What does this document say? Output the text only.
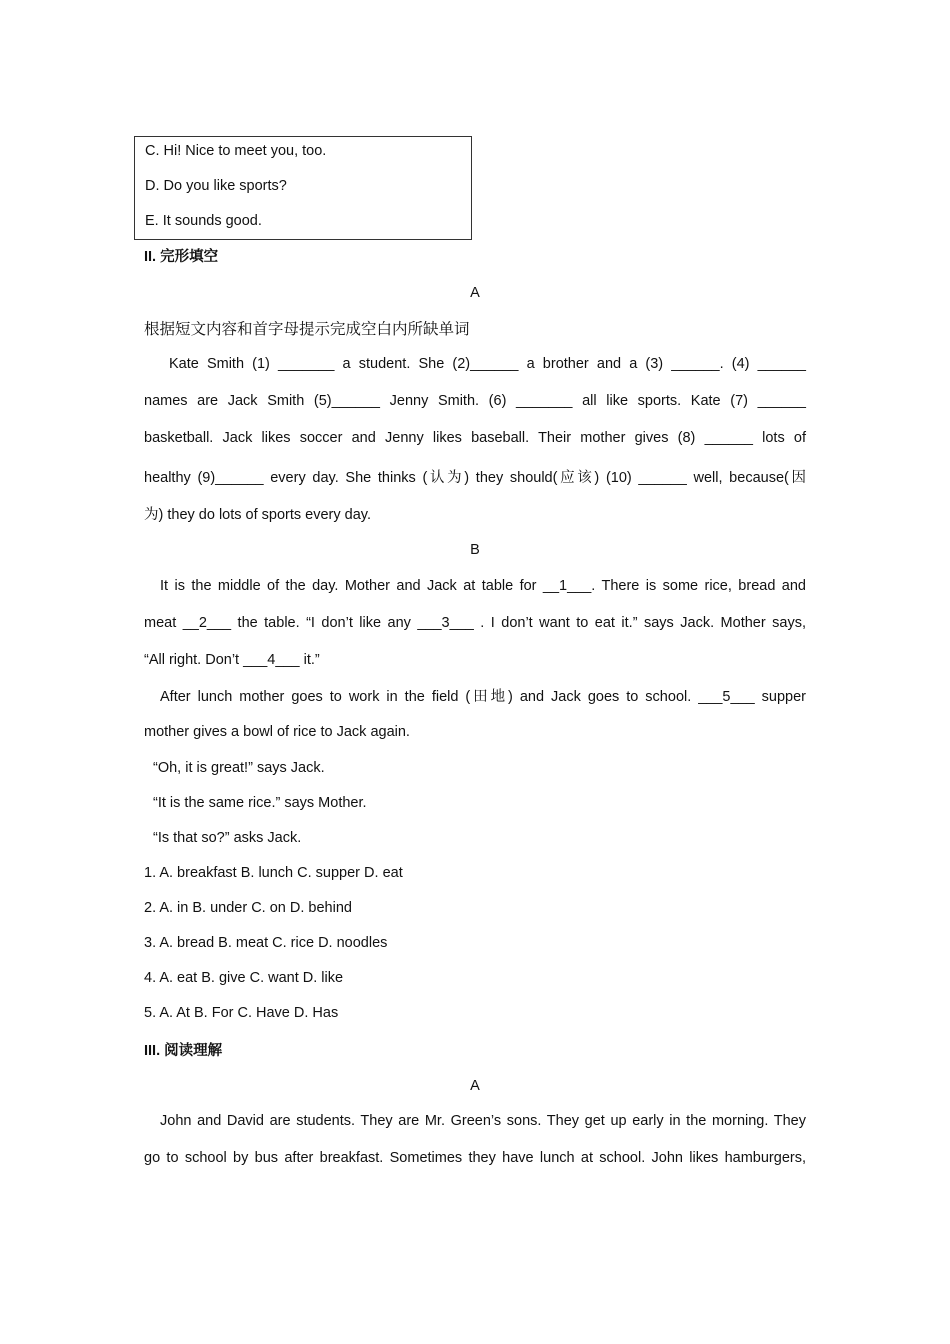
C. Hi! Nice to meet you, too.
D. Do you like sports?
E. It sounds good.
II. 完形填空
A
根据短文内容和首字母提示完成空白内所缺单词
Kate Smith (1) _______ a student. She (2)______ a brother and a (3) ______. (4) ______
names are Jack Smith (5)______ Jenny Smith. (6) _______ all like sports. Kate (7) ______
basketball. Jack likes soccer and Jenny likes baseball. Their mother gives (8) ______ lots of
healthy (9)______ every day. She thinks (认为) they should(应该) (10) ______ well, because(因
为) they do lots of sports every day.
B
It is the middle of the day. Mother and Jack at table for __1___. There is some rice, bread and
meat __2___ the table. “I don’t like any ___3___ . I don’t want to eat it.” says Jack. Mother says,
“All right. Don’t ___4___ it.”
After lunch mother goes to work in the field (田地) and Jack goes to school. ___5___ supper
mother gives a bowl of rice to Jack again.
“Oh, it is great!” says Jack.
“It is the same rice.” says Mother.
“Is that so?” asks Jack.
1. A. breakfast B. lunch C. supper D. eat
2. A. in B. under C. on D. behind
3. A. bread B. meat C. rice D. noodles
4. A. eat B. give C. want D. like
5. A. At B. For C. Have D. Has
III. 阅读理解
A
John and David are students. They are Mr. Green’s sons. They get up early in the morning. They
go to school by bus after breakfast. Sometimes they have lunch at school. John likes hamburgers,
